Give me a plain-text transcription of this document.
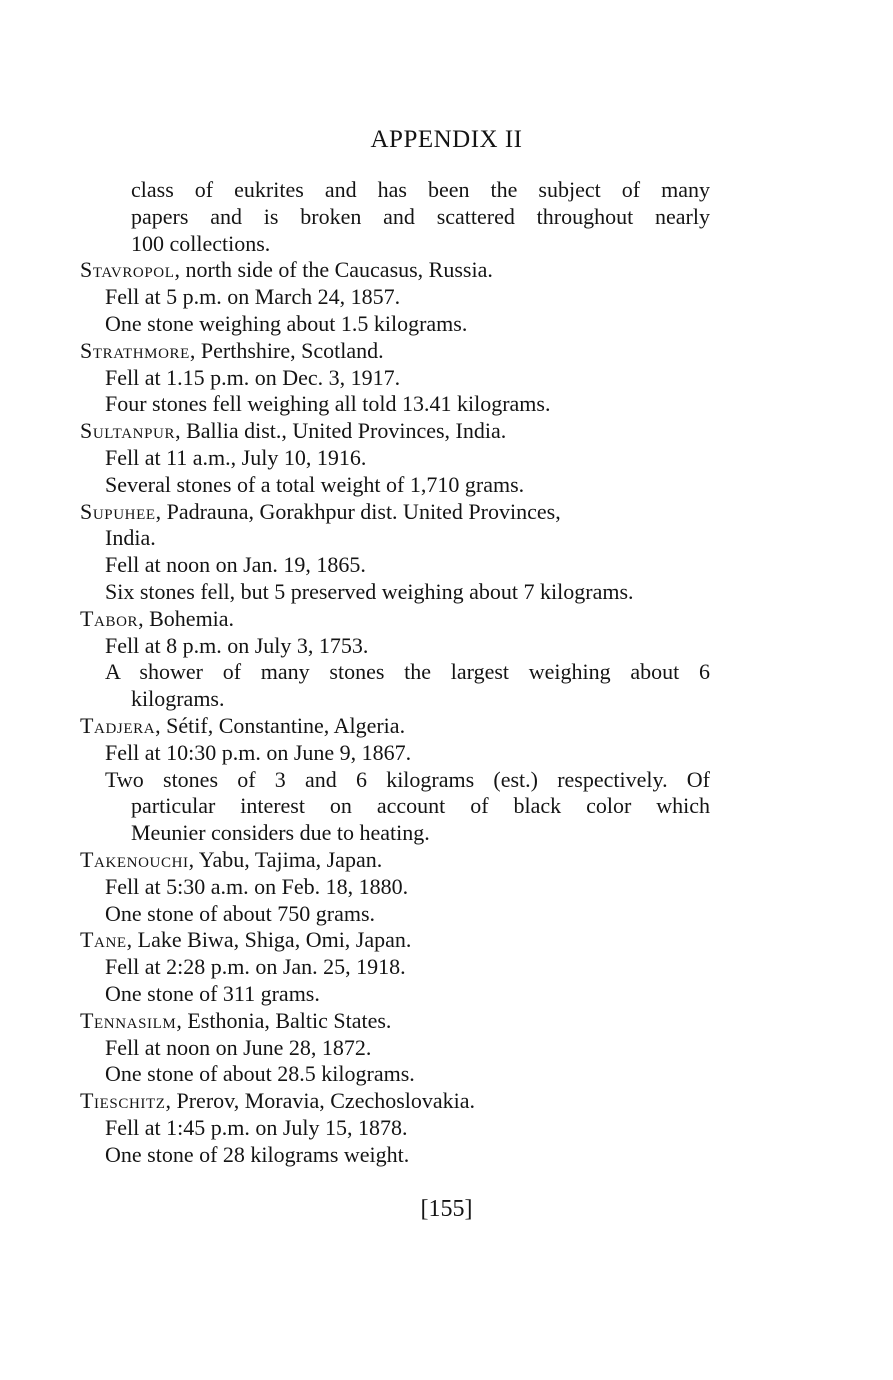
APPENDIX II
class of eukrites and has been the subject of many
papers and is broken and scattered throughout nearly
100 collections.
Stavropol, north side of the Caucasus, Russia.
Fell at 5 p.m. on March 24, 1857.
One stone weighing about 1.5 kilograms.
Strathmore, Perthshire, Scotland.
Fell at 1.15 p.m. on Dec. 3, 1917.
Four stones fell weighing all told 13.41 kilograms.
Sultanpur, Ballia dist., United Provinces, India.
Fell at 11 a.m., July 10, 1916.
Several stones of a total weight of 1,710 grams.
Supuhee, Padrauna, Gorakhpur dist. United Provinces,
India.
Fell at noon on Jan. 19, 1865.
Six stones fell, but 5 preserved weighing about 7 kilograms.
Tabor, Bohemia.
Fell at 8 p.m. on July 3, 1753.
A shower of many stones the largest weighing about 6
kilograms.
Tadjera, Sétif, Constantine, Algeria.
Fell at 10:30 p.m. on June 9, 1867.
Two stones of 3 and 6 kilograms (est.) respectively. Of
particular interest on account of black color which
Meunier considers due to heating.
Takenouchi, Yabu, Tajima, Japan.
Fell at 5:30 a.m. on Feb. 18, 1880.
One stone of about 750 grams.
Tane, Lake Biwa, Shiga, Omi, Japan.
Fell at 2:28 p.m. on Jan. 25, 1918.
One stone of 311 grams.
Tennasilm, Esthonia, Baltic States.
Fell at noon on June 28, 1872.
One stone of about 28.5 kilograms.
Tieschitz, Prerov, Moravia, Czechoslovakia.
Fell at 1:45 p.m. on July 15, 1878.
One stone of 28 kilograms weight.
[155]
